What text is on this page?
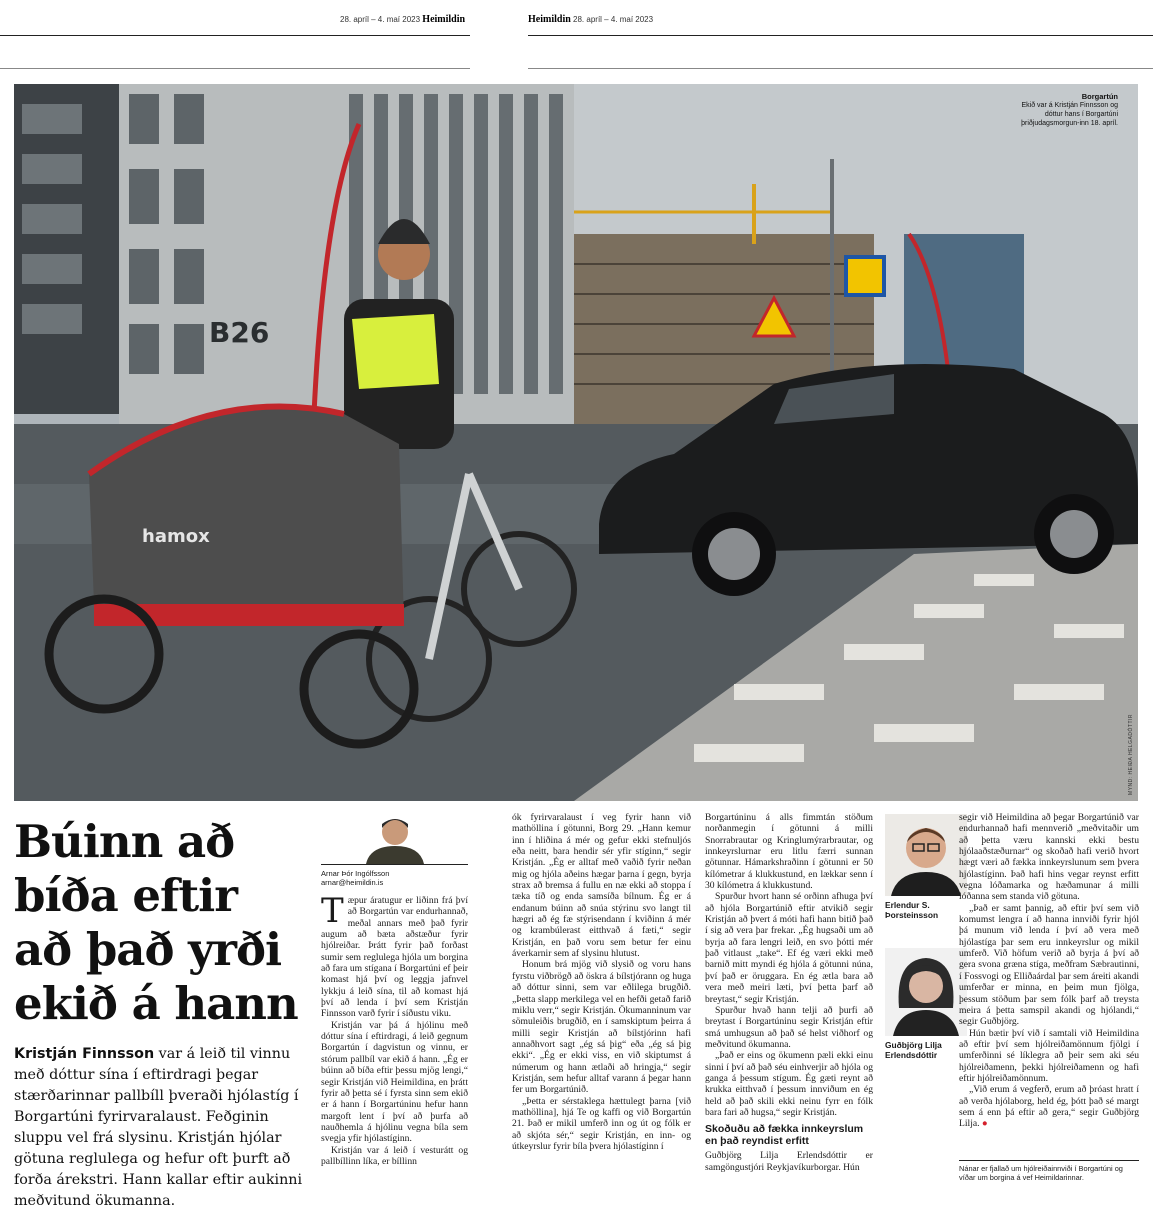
28. apríl – 4. maí 2023 Heimildin	Heimildin 28. apríl – 4. maí 2023
B26
hamox
Borgartún
Ekið var á Kristján Finnsson og dóttur hans í Borgartúni þriðjudagsmorgun-inn 18. apríl.
MYND: HEIÐA HELGADÓTTIR
Búinn að bíða eftir að það yrði ekið á hann
Kristján Finnsson var á leið til vinnu með dóttur sína í eftirdragi þegar stærðarinnar pallbíll þveraði hjólastíg í Borgartúni fyrirvaralaust. Feðginin sluppu vel frá slysinu. Kristján hjólar götuna reglulega og hefur oft þurft að forða árekstri. Hann kallar eftir aukinni meðvitund ökumanna.
Arnar Þór Ingólfsson
arnar@heimildin.is

Tæpur áratugur er liðinn frá því að Borgartún var endurhannað, meðal annars með það fyrir augum að bæta aðstæður fyrir hjólreiðar. Þrátt fyrir það forðast sumir sem reglulega hjóla um borgina að fara um stígana í Borgartúni ef þeir komast hjá því og leggja jafnvel lykkju á leið sína, til að komast hjá því að lenda í því sem Kristján Finnsson varð fyrir í síðustu viku.

Kristján var þá á hjólinu með dóttur sína í eftirdragi, á leið gegnum Borgartún í dagvistun og vinnu, er stórum pallbíl var ekið á hann. „Ég er búinn að bíða eftir þessu mjög lengi,“ segir Kristján við Heimildina, en þrátt fyrir að þetta sé í fyrsta sinn sem ekið er á hann í Borgartúninu hefur hann margoft lent í því að þurfa að nauðhemla á hjólinu vegna bíla sem svegja yfir hjólastíginn.

Kristján var á leið í vesturátt og pallbíllinn líka, er bíllinn

ók fyrirvaralaust í veg fyrir hann við mathöllina í götunni, Borg 29. „Hann kemur inn í hliðina á mér og gefur ekki stefnuljós eða neitt, bara hendir sér yfir stíginn,“ segir Kristján. „Ég er alltaf með vaðið fyrir neðan mig og hjóla aðeins hægar þarna í gegn, byrja strax að bremsa á fullu en næ ekki að stoppa í tæka tíð og enda samsíða bílnum. Ég er á endanum búinn að snúa stýrinu svo langt til hægri að ég fæ stýrisendann í kviðinn á mér og krambúlerast eitthvað á fæti,“ segir Kristján, en það voru sem betur fer einu áverkarnir sem af slysinu hlutust.

Honum brá mjög við slysið og voru hans fyrstu viðbrögð að öskra á bílstjórann og huga að dóttur sinni, sem var eðlilega brugðið. „Þetta slapp merkilega vel en hefði getað farið miklu verr,“ segir Kristján. Ökumanninum var sömuleiðis brugðið, en í samskiptum þeirra á milli segir Kristján að bílstjórinn hafi annaðhvort sagt „ég sá þig“ eða „ég sá þig ekki“. „Ég er ekki viss, en við skiptumst á númerum og hann ætlaði að hringja,“ segir Kristján, sem hefur alltaf varann á þegar hann fer um Borgartúnið.

„Þetta er sérstaklega hættulegt þarna [við mathöllina], hjá Te og kaffi og við Borgartún 21. Það er mikil umferð inn og út og fólk er að skjóta sér,“ segir Kristján, en inn- og útkeyrslur fyrir bíla þvera hjólastíginn í

Borgartúninu á alls fimmtán stöðum norðanmegin í götunni á milli Snorrabrautar og Kringlumýrarbrautar, og innkeyrslurnar eru litlu færri sunnan götunnar. Hámarkshraðinn í götunni er 50 kílómetrar á klukkustund, en lækkar senn í 30 kílómetra á klukkustund.

Spurður hvort hann sé orðinn afhuga því að hjóla Borgartúnið eftir atvikið segir Kristján að þvert á móti hafi hann bitið það í sig að vera þar frekar. „Ég hugsaði um að byrja að fara lengri leið, en svo þótti mér það vitlaust „take“. Ef ég væri ekki með barnið mitt myndi ég hjóla á götunni núna, því það er öruggara. En ég ætla bara að vera með meiri læti, því þetta þarf að breytast,“ segir Kristján.

Spurður hvað hann telji að þurfi að breytast í Borgartúninu segir Kristján eftir smá umhugsun að það sé helst viðhorf og meðvitund ökumanna.

„Það er eins og ökumenn pæli ekki einu sinni í því að það séu einhverjir að hjóla og ganga á þessum stígum. Ég gæti reynt að krukka eitthvað í þessum innviðum en ég held að það skili ekki neinu fyrr en fólk bara fari að hugsa,“ segir Kristján.

Skoðuðu að fækka innkeyrslum en það reyndist erfitt

Guðbjörg Lilja Erlendsdóttir er samgöngustjóri Reykjavíkurborgar. Hún

Erlendur S. Þorsteinsson
Guðbjörg Lilja Erlendsdóttir

segir við Heimildina að þegar Borgartúnið var endurhannað hafi mennverið „meðvitaðir um að þetta væru kannski ekki bestu hjólaaðstæðurnar“ og skoðað hafi verið hvort hægt væri að fækka innkeyrslunum sem þvera hjólastíginn. Það hafi hins vegar reynst erfitt vegna lóðamarka og hæðamunar á milli lóðanna sem standa við götuna.

„Það er samt þannig, að eftir því sem við komumst lengra í að hanna innviði fyrir hjól þá munum við lenda í því að vera með hjólastíga þar sem eru innkeyrslur og mikil umferð. Við höfum verið að byrja á því að gera svona græna stíga, meðfram Sæbrautinni, í Fossvogi og Elliðaárdal þar sem áreiti akandi umferðar er minna, en þeim mun fjölga, þessum stöðum þar sem fólk þarf að treysta meira á þetta samspil akandi og hjólandi,“ segir Guðbjörg.

Hún bætir því við í samtali við Heimildina að eftir því sem hjólreiðamönnum fjölgi í umferðinni sé líklegra að þeir sem aki séu hjólreiðamenn, þekki hjólreiðamenn og hafi eftir hjólreiðamönnum.

„Við erum á vegferð, erum að þróast hratt í að verða hjólaborg, held ég, þótt það sé margt sem á enn þá eftir að gera,“ segir Guðbjörg Lilja. ●

Nánar er fjallað um hjólreiðainnviði í Borgartúni og víðar um borgina á vef Heimildarinnar.
